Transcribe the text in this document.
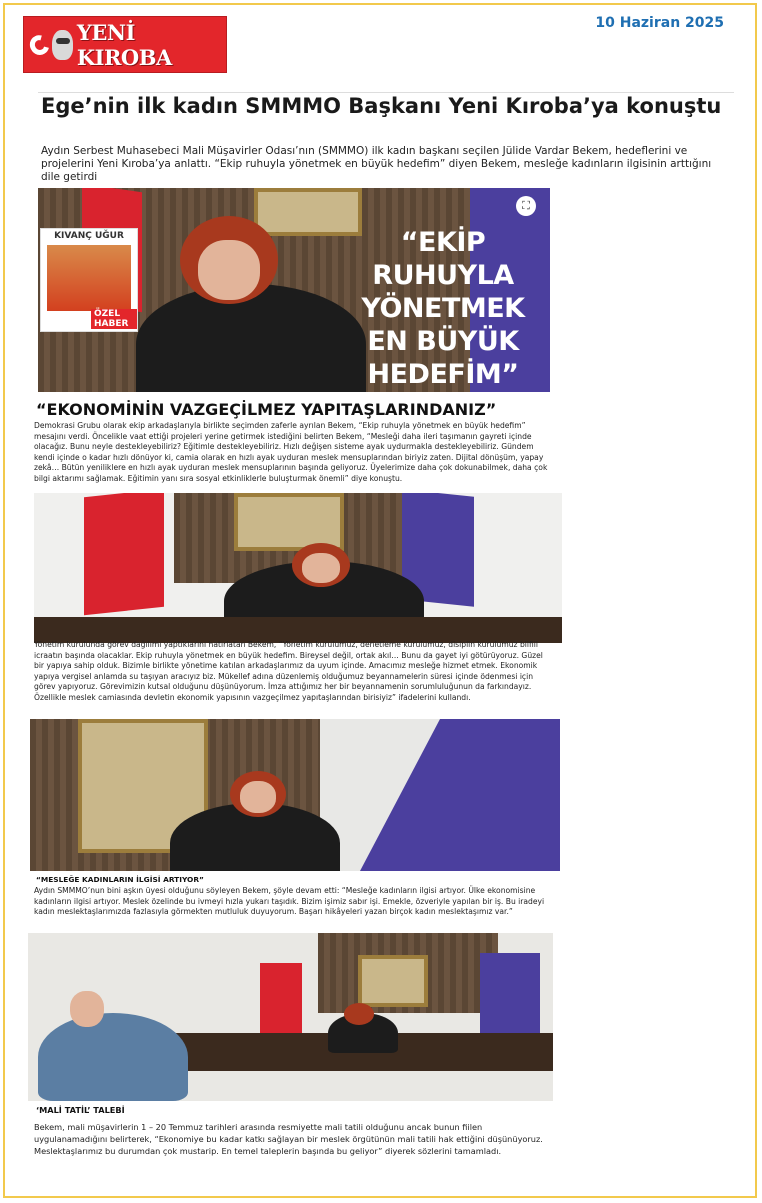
YENİ KIROBA
10 Haziran 2025
Ege’nin ilk kadın SMMMO Başkanı Yeni Kıroba’ya konuştu

Aydın Serbest Muhasebeci Mali Müşavirler Odası’nın (SMMMO) ilk kadın başkanı seçilen Jülide Vardar Bekem, hedeflerini ve projelerini Yeni Kıroba’ya anlattı. “Ekip ruhuyla yönetmek en büyük hedefim” diyen Bekem, mesleğe kadınların ilgisinin arttığını dile getirdi

“EKİP
RUHUYLA
YÖNETMEK
EN BÜYÜK
HEDEFİM”
⛶
KIVANÇ UĞUR
ÖZEL HABER
“EKONOMİNİN VAZGEÇİLMEZ YAPITAŞLARINDANIZ”

Demokrasi Grubu olarak ekip arkadaşlarıyla birlikte seçimden zaferle ayrılan Bekem, “Ekip ruhuyla yönetmek en büyük hedefim” mesajını verdi. Öncelikle vaat ettiği projeleri yerine getirmek istediğini belirten Bekem, “Mesleği daha ileri taşımanın gayreti içinde olacağız. Bunu neyle destekleyebiliriz? Eğitimle destekleyebiliriz. Hızlı değişen sisteme ayak uydurmakla destekleyebiliriz. Gündem kendi içinde o kadar hızlı dönüyor ki, camia olarak en hızlı ayak uyduran meslek mensuplarından biriyiz zaten. Dijital dönüşüm, yapay zekâ… Bütün yeniliklere en hızlı ayak uyduran meslek mensuplarının başında geliyoruz. Üyelerimize daha çok dokunabilmek, daha çok bilgi aktarımı sağlamak. Eğitimin yanı sıra sosyal etkinliklerle buluşturmak önemli” diye konuştu.

Yönetim kurulunda görev dağılımı yaptıklarını hatırlatan Bekem, “Yönetim kurulumuz, denetleme kurulumuz, disiplin kurulumuz bilfiil icraatın başında olacaklar. Ekip ruhuyla yönetmek en büyük hedefim. Bireysel değil, ortak akıl… Bunu da gayet iyi götürüyoruz. Güzel bir yapıya sahip olduk. Bizimle birlikte yönetime katılan arkadaşlarımız da uyum içinde. Amacımız mesleğe hizmet etmek. Ekonomik yapıya vergisel anlamda su taşıyan aracıyız biz. Mükellef adına düzenlemiş olduğumuz beyannamelerin süresi içinde ödenmesi için görev yapıyoruz. Görevimizin kutsal olduğunu düşünüyorum. İmza attığımız her bir beyannamenin sorumluluğunun da farkındayız. Özellikle meslek camiasında devletin ekonomik yapısının vazgeçilmez yapıtaşlarından birisiyiz” ifadelerini kullandı.

“MESLEĞE KADINLARIN İLGİSİ ARTIYOR”

Aydın SMMMO’nun bini aşkın üyesi olduğunu söyleyen Bekem, şöyle devam etti: “Mesleğe kadınların ilgisi artıyor. Ülke ekonomisine kadınların ilgisi artıyor. Meslek özelinde bu ivmeyi hızla yukarı taşıdık. Bizim işimiz sabır işi. Emekle, özveriyle yapılan bir iş. Bu iradeyi kadın meslektaşlarımızda fazlasıyla görmekten mutluluk duyuyorum. Başarı hikâyeleri yazan birçok kadın meslektaşımız var.”

‘MALİ TATİL’ TALEBİ

Bekem, mali müşavirlerin 1 – 20 Temmuz tarihleri arasında resmiyette mali tatili olduğunu ancak bunun fiilen uygulanamadığını belirterek, “Ekonomiye bu kadar katkı sağlayan bir meslek örgütünün mali tatili hak ettiğini düşünüyoruz. Meslektaşlarımız bu durumdan çok mustarip. En temel taleplerin başında bu geliyor” diyerek sözlerini tamamladı.
